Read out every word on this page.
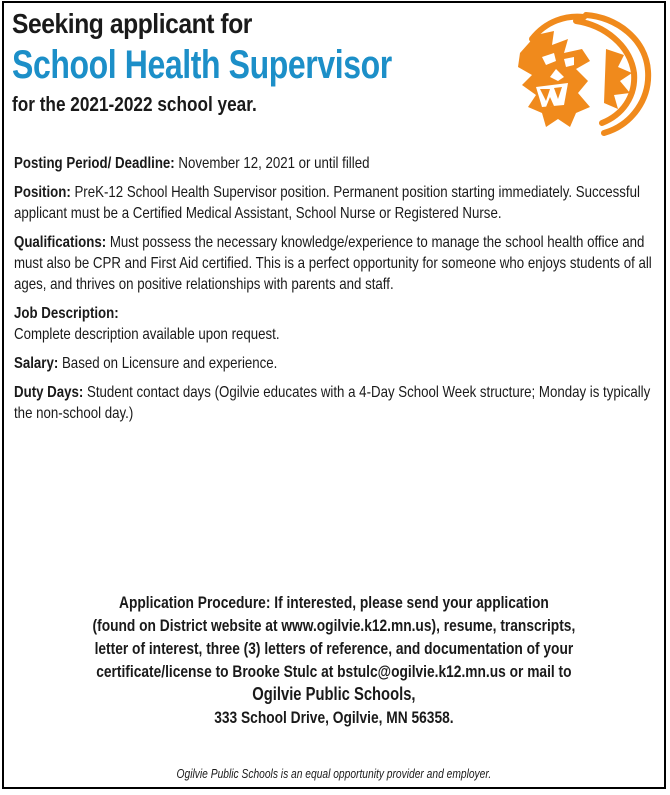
Seeking applicant for
School Health Supervisor
for the 2021-2022 school year.

Posting Period/ Deadline: November 12, 2021 or until filled

Position: PreK-12 School Health Supervisor position. Permanent position starting immediately. Successful applicant must be a Certified Medical Assistant, School Nurse or Registered Nurse.

Qualifications: Must possess the necessary knowledge/experience to manage the school health office and must also be CPR and First Aid certified. This is a perfect opportunity for someone who enjoys students of all ages, and thrives on positive relationships with parents and staff.

Job Description:
Complete description available upon request.

Salary: Based on Licensure and experience.

Duty Days: Student contact days (Ogilvie educates with a 4-Day School Week structure; Monday is typically the non-school day.)

Application Procedure: If interested, please send your application
(found on District website at www.ogilvie.k12.mn.us), resume, transcripts,
letter of interest, three (3) letters of reference, and documentation of your
certificate/license to Brooke Stulc at bstulc@ogilvie.k12.mn.us or mail to
Ogilvie Public Schools,
333 School Drive, Ogilvie, MN 56358.
Ogilvie Public Schools is an equal opportunity provider and employer.
